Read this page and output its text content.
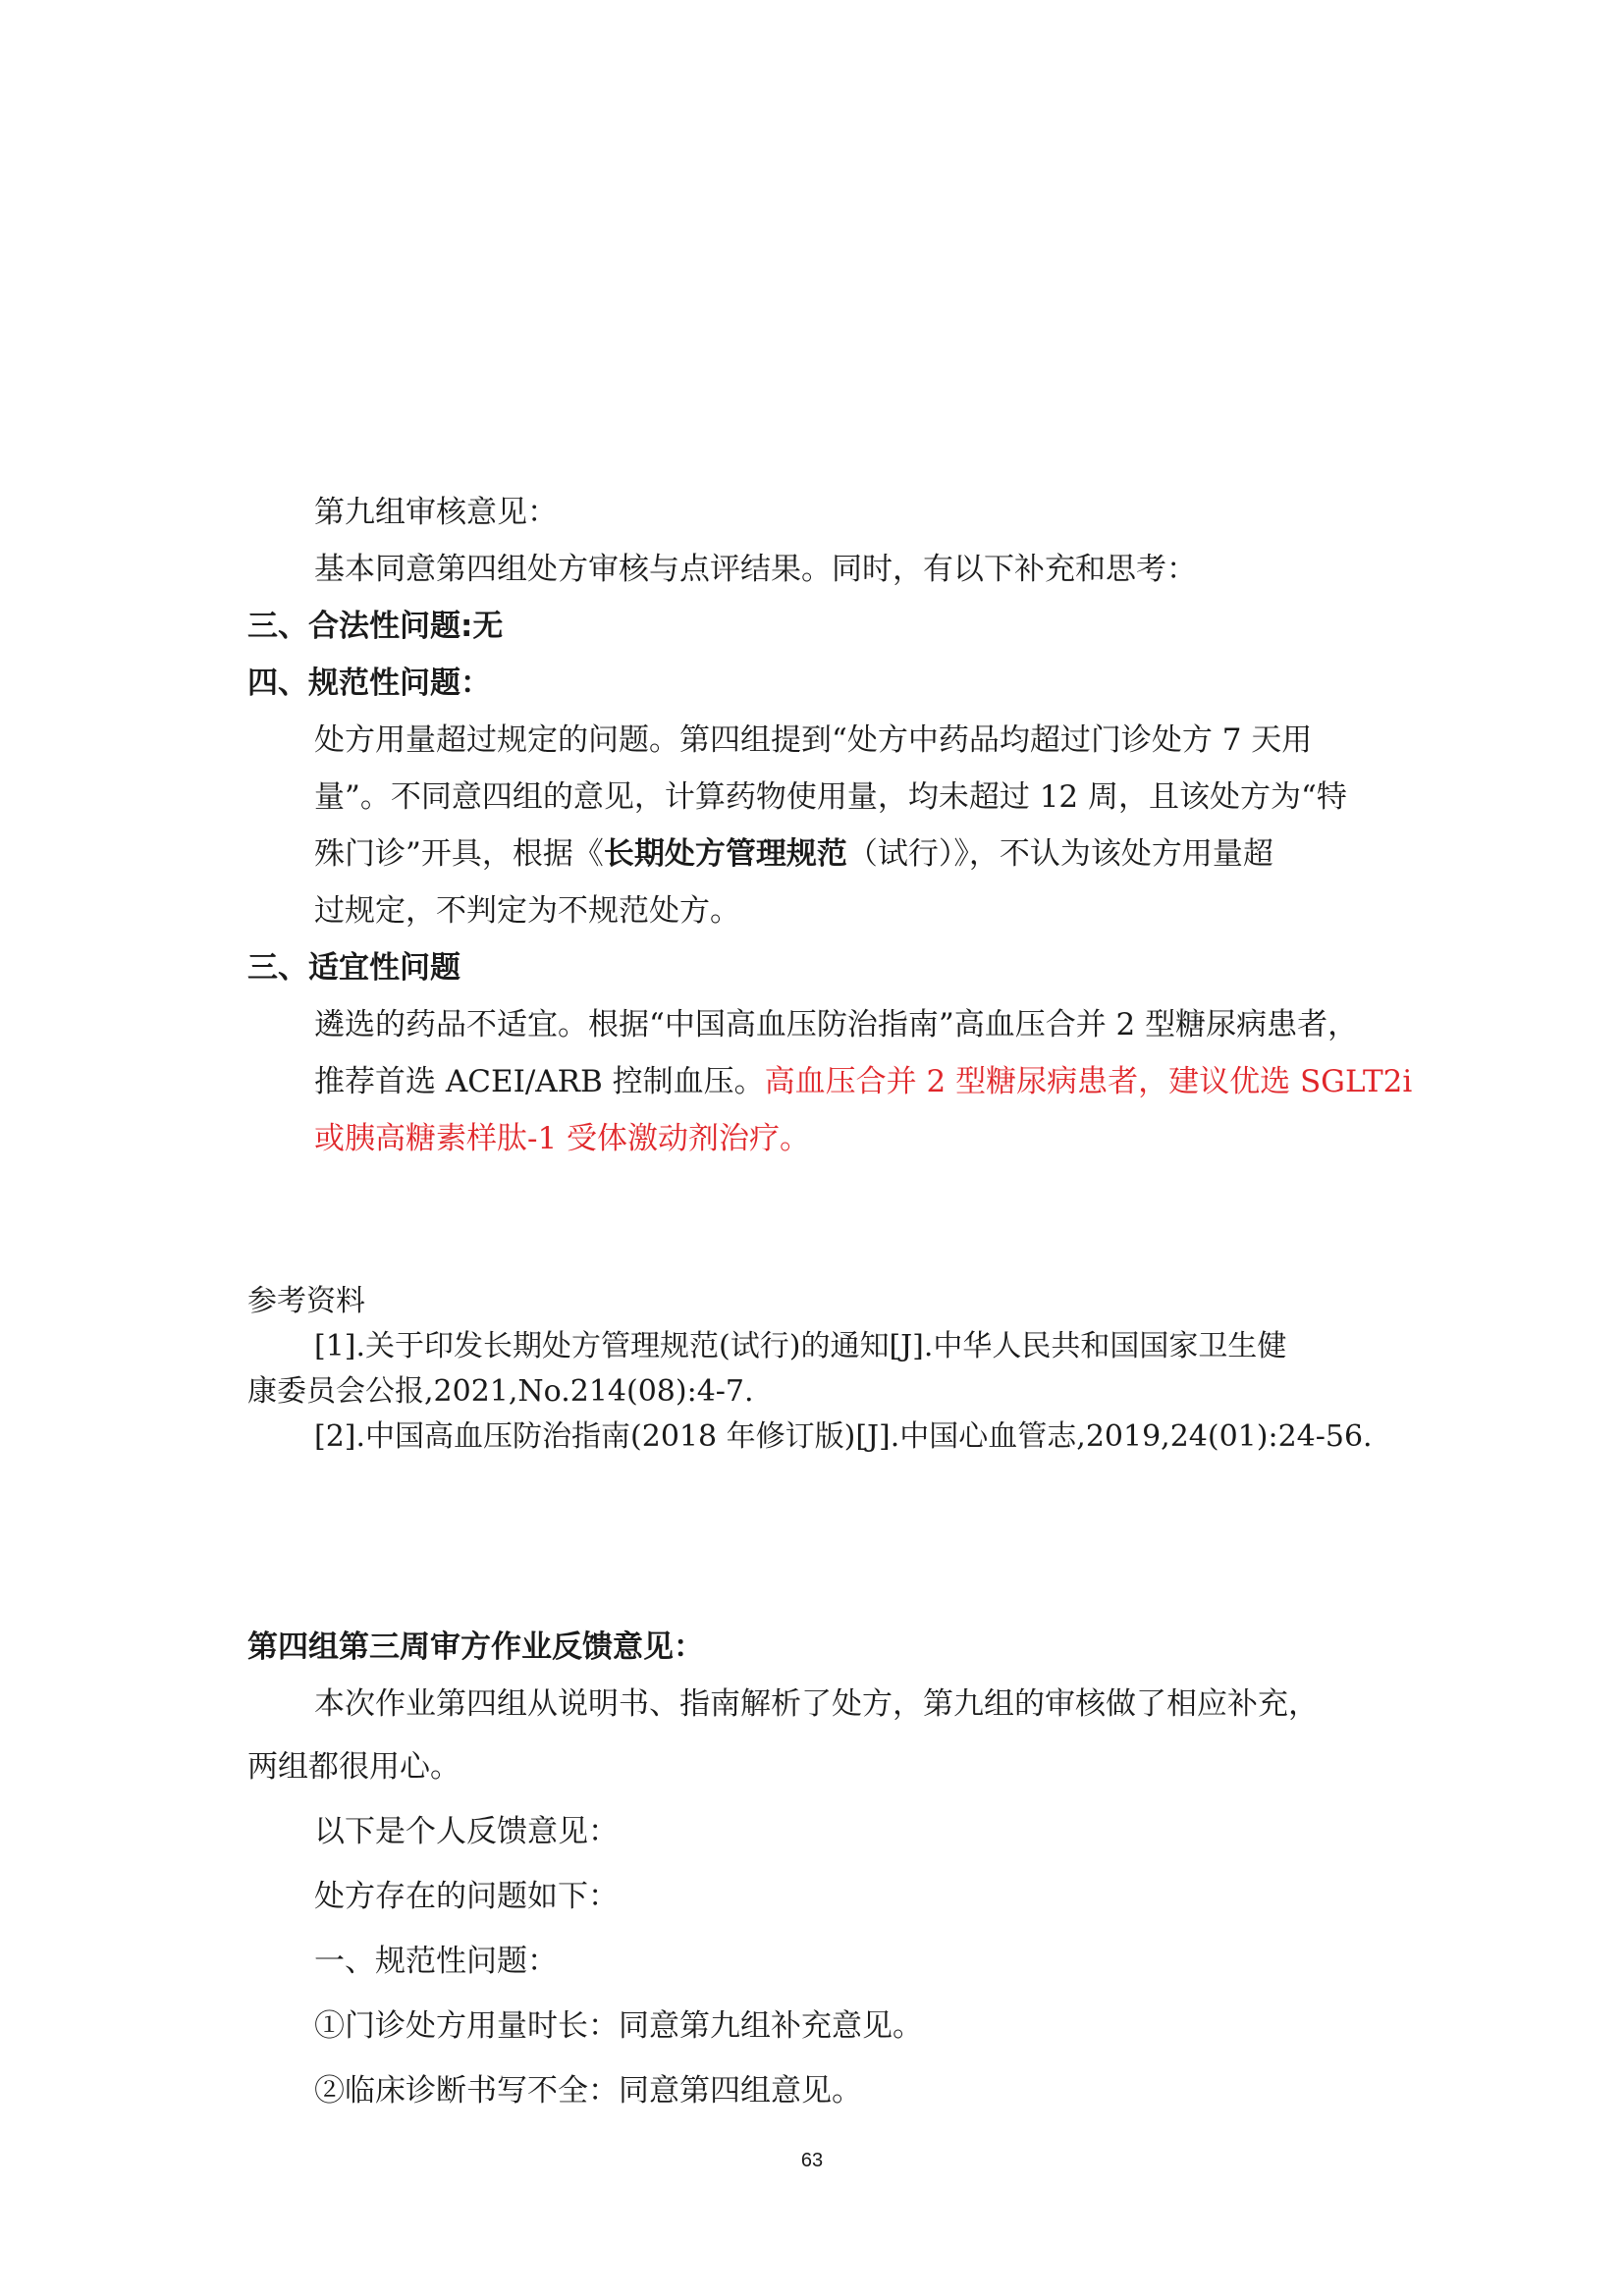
第九组审核意见：
基本同意第四组处方审核与点评结果。同时，有以下补充和思考：
三、合法性问题:无
四、规范性问题：
处方用量超过规定的问题。第四组提到“处方中药品均超过门诊处方 7 天用
量”。不同意四组的意见，计算药物使用量，均未超过 12 周，且该处方为“特
殊门诊”开具，根据《长期处方管理规范（试行）》，不认为该处方用量超
过规定，不判定为不规范处方。
三、适宜性问题
遴选的药品不适宜。根据“中国高血压防治指南”高血压合并 2 型糖尿病患者，
推荐首选 ACEI/ARB 控制血压。高血压合并 2 型糖尿病患者，建议优选 SGLT2i
或胰高糖素样肽-1 受体激动剂治疗。
参考资料
[1].关于印发长期处方管理规范(试行)的通知[J].中华人民共和国国家卫生健
康委员会公报,2021,No.214(08):4-7.
[2].中国高血压防治指南(2018 年修订版)[J].中国心血管志,2019,24(01):24-56.
第四组第三周审方作业反馈意见：
本次作业第四组从说明书、指南解析了处方，第九组的审核做了相应补充，
两组都很用心。
以下是个人反馈意见：
处方存在的问题如下：
一、规范性问题：
①门诊处方用量时长：同意第九组补充意见。
②临床诊断书写不全：同意第四组意见。
63
